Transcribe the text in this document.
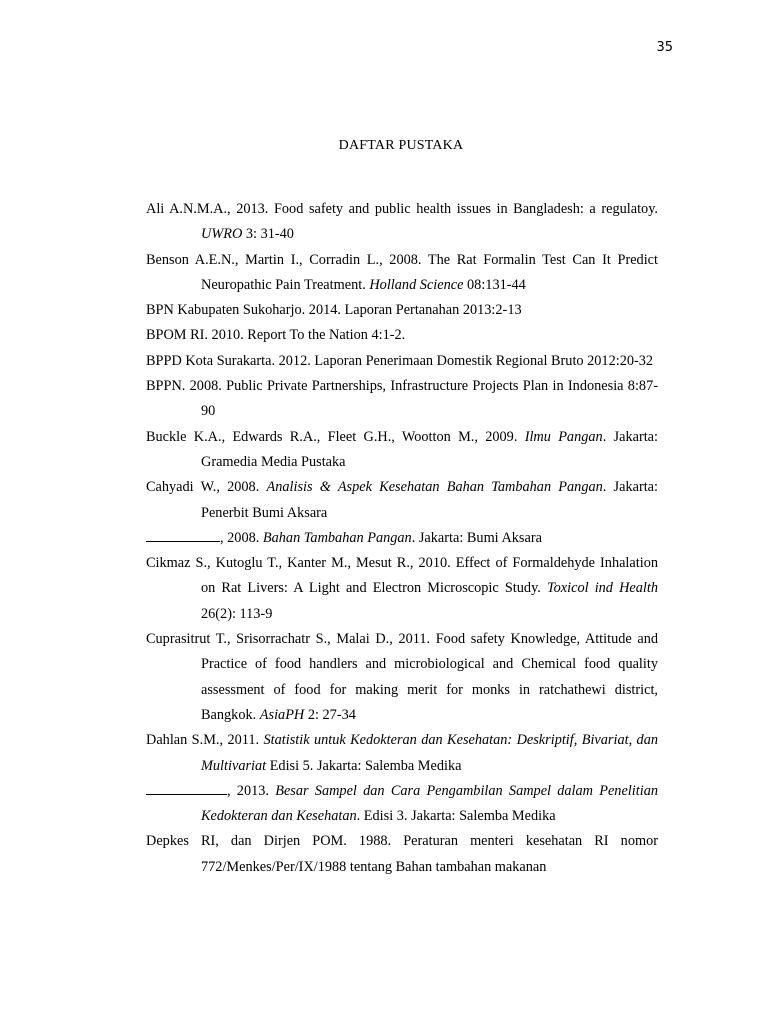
35
DAFTAR PUSTAKA
Ali A.N.M.A., 2013. Food safety and public health issues in Bangladesh: a regulatoy. UWRO 3: 31-40
Benson A.E.N., Martin I., Corradin L., 2008. The Rat Formalin Test Can It Predict Neuropathic Pain Treatment. Holland Science 08:131-44
BPN Kabupaten Sukoharjo. 2014. Laporan Pertanahan 2013:2-13
BPOM RI. 2010. Report To the Nation 4:1-2.
BPPD Kota Surakarta. 2012. Laporan Penerimaan Domestik Regional Bruto 2012:20-32
BPPN. 2008. Public Private Partnerships, Infrastructure Projects Plan in Indonesia 8:87-90
Buckle K.A., Edwards R.A., Fleet G.H., Wootton M., 2009. Ilmu Pangan. Jakarta: Gramedia Media Pustaka
Cahyadi W., 2008. Analisis & Aspek Kesehatan Bahan Tambahan Pangan. Jakarta: Penerbit Bumi Aksara
, 2008. Bahan Tambahan Pangan. Jakarta: Bumi Aksara
Cikmaz S., Kutoglu T., Kanter M., Mesut R., 2010. Effect of Formaldehyde Inhalation on Rat Livers: A Light and Electron Microscopic Study. Toxicol ind Health 26(2): 113-9
Cuprasitrut T., Srisorrachatr S., Malai D., 2011. Food safety Knowledge, Attitude and Practice of food handlers and microbiological and Chemical food quality assessment of food for making merit for monks in ratchathewi district, Bangkok. AsiaPH 2: 27-34
Dahlan S.M., 2011. Statistik untuk Kedokteran dan Kesehatan: Deskriptif, Bivariat, dan Multivariat Edisi 5. Jakarta: Salemba Medika
, 2013. Besar Sampel dan Cara Pengambilan Sampel dalam Penelitian Kedokteran dan Kesehatan. Edisi 3. Jakarta: Salemba Medika
Depkes RI, dan Dirjen POM. 1988. Peraturan menteri kesehatan RI nomor 772/Menkes/Per/IX/1988 tentang Bahan tambahan makanan
